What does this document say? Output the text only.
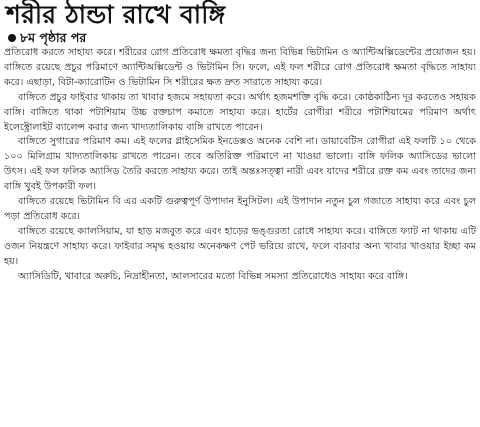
শরীর ঠান্ডা রাখে বাঙ্গি
৮ম পৃষ্ঠার পর

প্রতিরোধ করতে সাহায্য করে। শরীরের রোগ প্রতিরোধ ক্ষমতা বৃদ্ধির জন্য বিভিন্ন ভিটামিন ও অ্যান্টিঅক্সিডেন্টের প্রয়োজন হয়। বাঙ্গিতে রয়েছে প্রচুর পরিমাণে অ্যান্টিঅক্সিডেন্ট ও ভিটামিন সি। ফলে, এই ফল শরীরে রোগ প্রতিরোধ ক্ষমতা বৃদ্ধিতে সাহায্য করে। এছাড়া, বিটা-ক্যারোটিন ও ভিটামিন সি শরীরের ক্ষত দ্রুত সারাতে সাহায্য করে।

বাঙ্গিতে প্রচুর ফাইবার থাকায় তা খাবার হজমে সহায়তা করে। অর্থাৎ হজমশক্তি বৃদ্ধি করে। কোষ্ঠকাঠিন্য দূর করতেও সহায়ক বাঙ্গি। বাঙ্গিতে থাকা পটাশিয়াম উচ্চ রক্তচাপ কমাতে সাহায্য করে। হার্টের রোগীরা শরীরে পটাশিয়ামের পরিমাণ অর্থাৎ ইলেক্ট্রোলাইট ব্যালেন্স করার জন্য খাদ্যতালিকায় বাঙ্গি রাখতে পারেন।

বাঙ্গিতে সুগারের পরিমাণ কম। এই ফলের গ্লাইসেমিক ইনডেক্সও অনেক বেশি না। ডায়াবেটিস রোগীরা এই ফলটি ১০ থেকে ১০০ মিলিগ্রাম খাদ্যতালিকায় রাখতে পারেন। তবে অতিরিক্ত পরিমাণে না খাওয়া ভালো। বাঙ্গি ফলিক অ্যাসিডের ভালো উৎস। এই ফল ফলিক অ্যাসিড তৈরি করতে সাহায্য করে। তাই অন্তঃসত্ত্বা নারী এবং যাদের শরীরে রক্ত কম এবং তাদের জন্য বাঙ্গি খুবই উপকারী ফল।

বাঙ্গিতে রয়েছে ভিটামিন বি এর একটি গুরুত্বপূর্ণ উপাদান ইনুসিটল। এই উপাদান নতুন চুল গজাতে সাহায্য করে এবং চুল পড়া প্রতিরোধ করে।

বাঙ্গিতে রয়েছে ক্যালসিয়াম, যা হাড় মজবুত করে এবং হাড়ের ভঙ্গুরতা রোধে সাহায্য করে। বাঙ্গিতে ফ্যাট না থাকায় এটি ওজন নিয়ন্ত্রণে সাহায্য করে। ফাইবার সমৃদ্ধ হওয়ায় অনেকক্ষণ পেট ভরিয়ে রাখে, ফলে বারবার অন্য খাবার খাওয়ার ইচ্ছা কম হয়।

অ্যাসিডিটি, খাবারে অরুচি, নিদ্রাহীনতা, আলসারের মতো বিভিন্ন সমস্যা প্রতিরোধেও সাহায্য করে বাঙ্গি।
